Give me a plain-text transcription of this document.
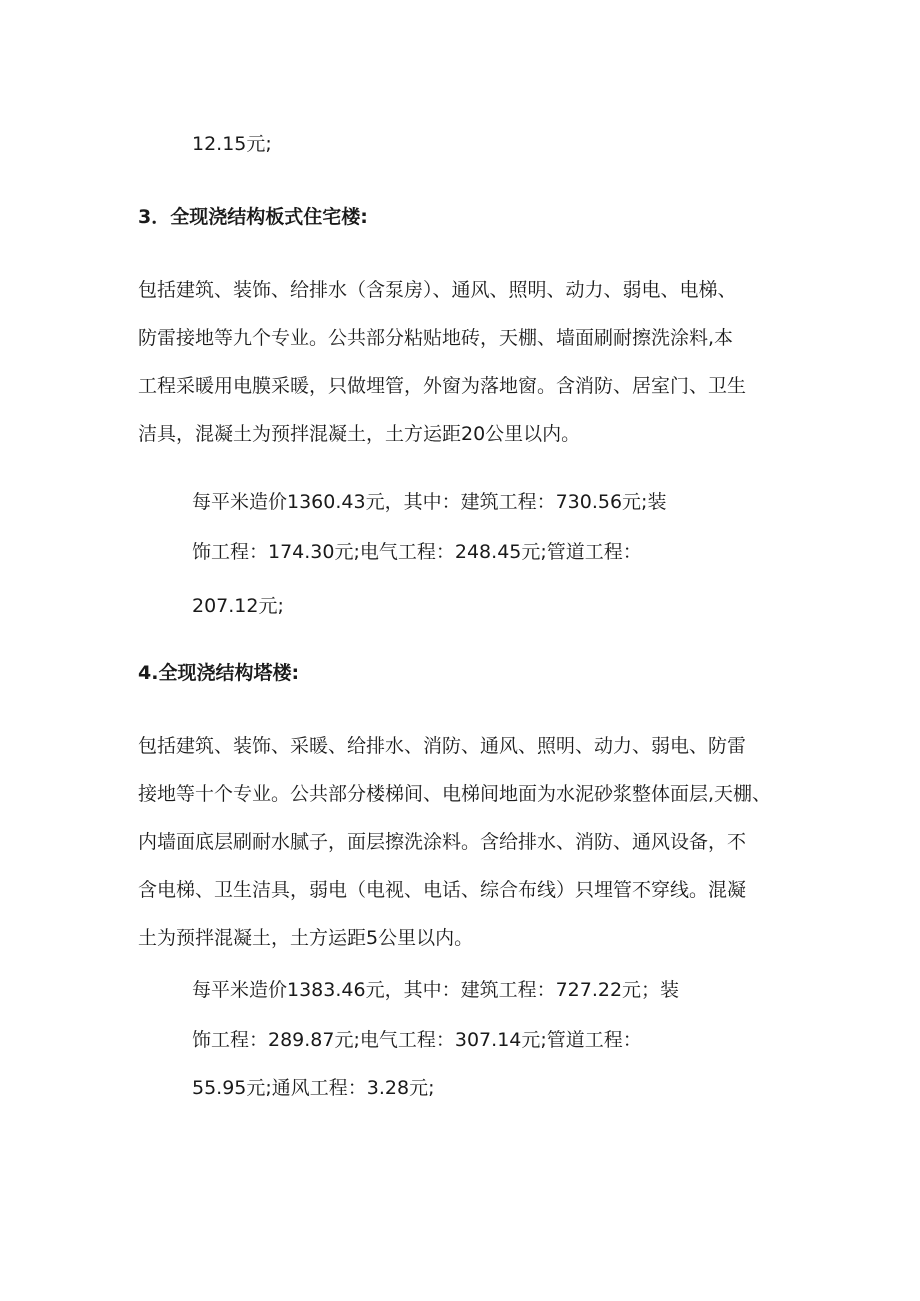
12.15元;
3．全现浇结构板式住宅楼:
包括建筑、装饰、给排水（含泵房）、通风、照明、动力、弱电、电梯、
防雷接地等九个专业。公共部分粘贴地砖，天棚、墙面刷耐擦洗涂料,本
工程采暖用电膜采暖，只做埋管，外窗为落地窗。含消防、居室门、卫生
洁具，混凝土为预拌混凝土，土方运距20公里以内。
每平米造价1360.43元，其中：建筑工程：730.56元;装
饰工程：174.30元;电气工程：248.45元;管道工程：
207.12元;
4.全现浇结构塔楼:
包括建筑、装饰、采暖、给排水、消防、通风、照明、动力、弱电、防雷
接地等十个专业。公共部分楼梯间、电梯间地面为水泥砂浆整体面层,天棚、
内墙面底层刷耐水腻子，面层擦洗涂料。含给排水、消防、通风设备，不
含电梯、卫生洁具，弱电（电视、电话、综合布线）只埋管不穿线。混凝
土为预拌混凝土，土方运距5公里以内。
每平米造价1383.46元，其中：建筑工程：727.22元；装
饰工程：289.87元;电气工程：307.14元;管道工程：
55.95元;通风工程：3.28元;
